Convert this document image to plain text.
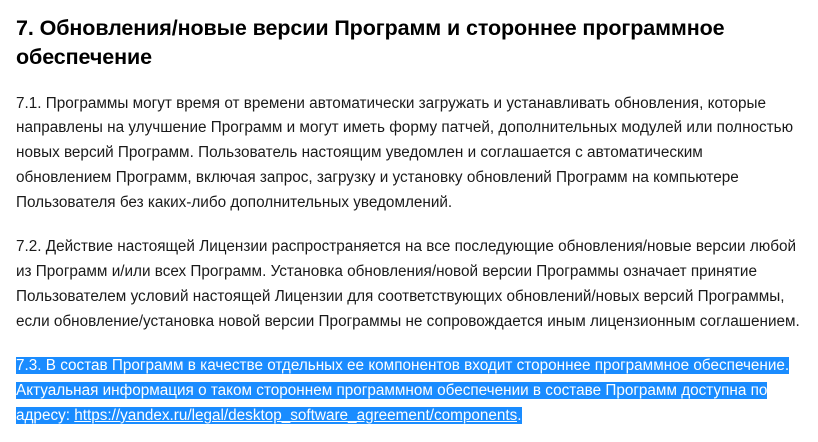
7. Обновления/новые версии Программ и стороннее программное обеспечение

7.1. Программы могут время от времени автоматически загружать и устанавливать обновления, которые направлены на улучшение Программ и могут иметь форму патчей, дополнительных модулей или полностью новых версий Программ. Пользователь настоящим уведомлен и соглашается с автоматическим обновлением Программ, включая запрос, загрузку и установку обновлений Программ на компьютере Пользователя без каких-либо дополнительных уведомлений.

7.2. Действие настоящей Лицензии распространяется на все последующие обновления/новые версии любой из Программ и/или всех Программ. Установка обновления/новой версии Программы означает принятие Пользователем условий настоящей Лицензии для соответствующих обновлений/новых версий Программы, если обновление/установка новой версии Программы не сопровождается иным лицензионным соглашением.

7.3. В состав Программ в качестве отдельных ее компонентов входит стороннее программное обеспечение. Актуальная информация о таком стороннем программном обеспечении в составе Программ доступна по адресу: https://yandex.ru/legal/desktop_software_agreement/components.
